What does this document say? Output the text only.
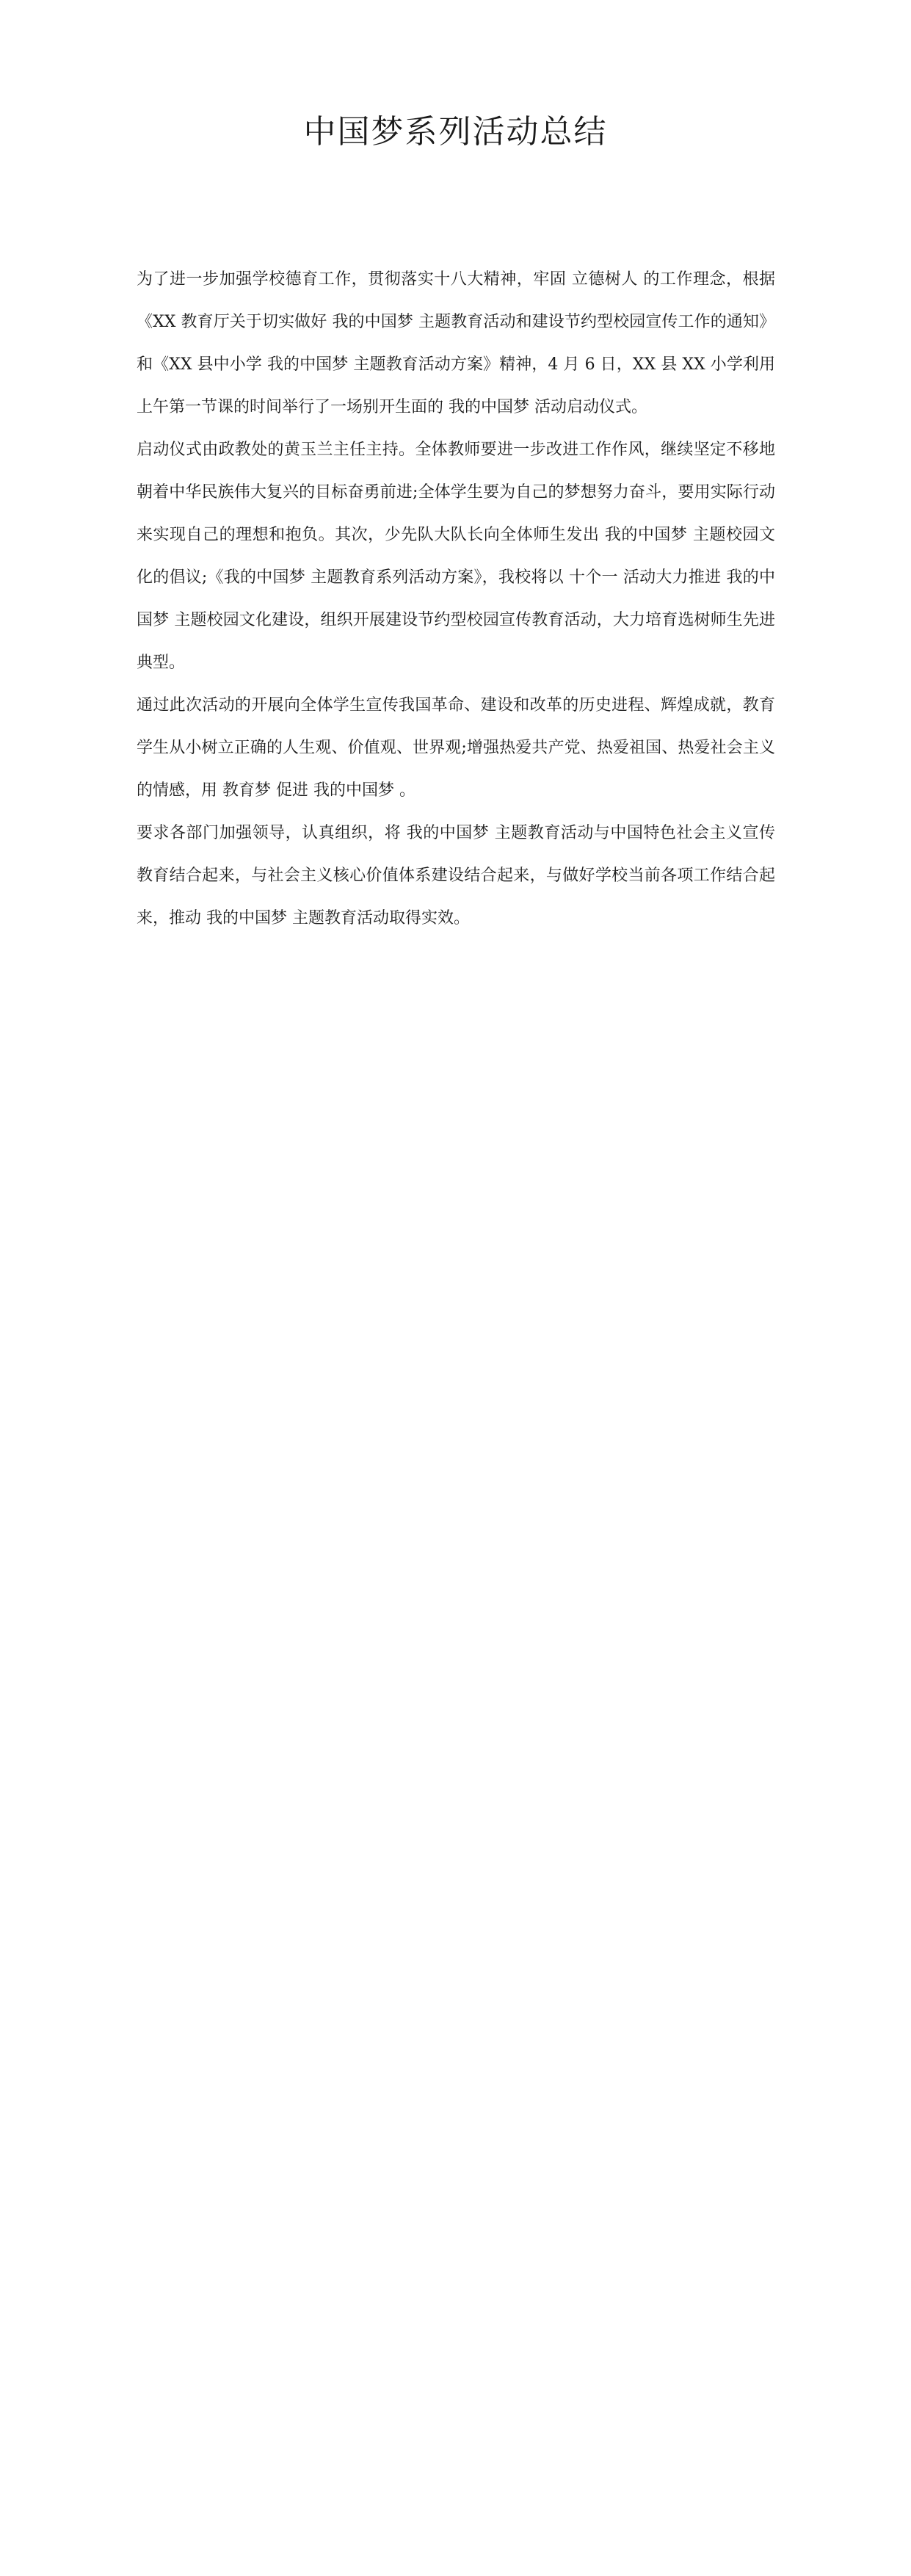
中国梦系列活动总结

为了进一步加强学校德育工作，贯彻落实十八大精神，牢固 立德树人 的工作理念，根据《XX 教育厅关于切实做好 我的中国梦 主题教育活动和建设节约型校园宣传工作的通知》和《XX 县中小学 我的中国梦 主题教育活动方案》精神，4 月 6 日，XX 县 XX 小学利用上午第一节课的时间举行了一场别开生面的 我的中国梦 活动启动仪式。

启动仪式由政教处的黄玉兰主任主持。全体教师要进一步改进工作作风，继续坚定不移地朝着中华民族伟大复兴的目标奋勇前进;全体学生要为自己的梦想努力奋斗，要用实际行动来实现自己的理想和抱负。其次，少先队大队长向全体师生发出 我的中国梦 主题校园文化的倡议;《我的中国梦 主题教育系列活动方案》，我校将以 十个一 活动大力推进 我的中国梦 主题校园文化建设，组织开展建设节约型校园宣传教育活动，大力培育选树师生先进典型。

通过此次活动的开展向全体学生宣传我国革命、建设和改革的历史进程、辉煌成就，教育学生从小树立正确的人生观、价值观、世界观;增强热爱共产党、热爱祖国、热爱社会主义的情感，用 教育梦 促进 我的中国梦 。

要求各部门加强领导，认真组织，将 我的中国梦 主题教育活动与中国特色社会主义宣传教育结合起来，与社会主义核心价值体系建设结合起来，与做好学校当前各项工作结合起来，推动 我的中国梦 主题教育活动取得实效。
